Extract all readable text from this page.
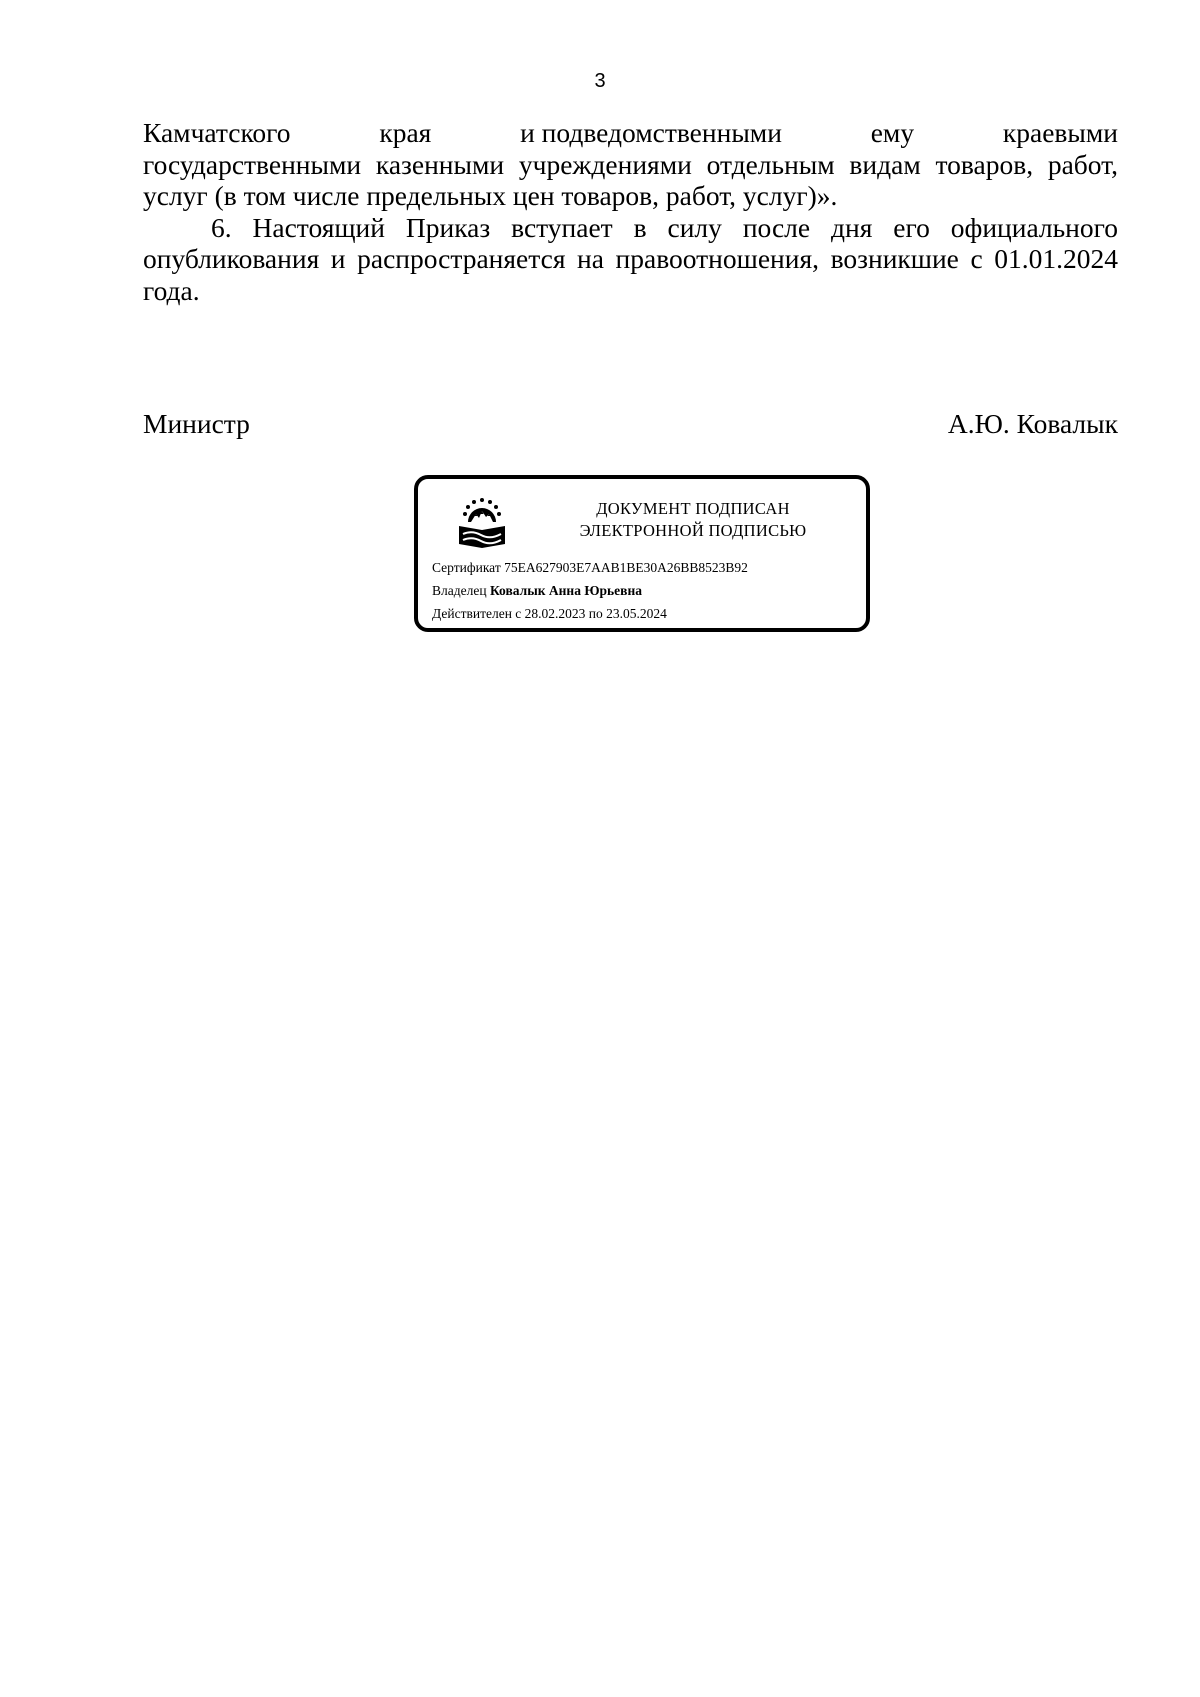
3
Камчатского	края	и подведомственными	ему	краевыми

государственными казенными учреждениями отдельным видам товаров, работ, услуг (в том числе предельных цен товаров, работ, услуг)».

6. Настоящий Приказ вступает в силу после дня его официального опубликования и распространяется на правоотношения, возникшие с 01.01.2024 года.

Министр	А.Ю. Ковалык
ДОКУМЕНТ ПОДПИСАН
ЭЛЕКТРОННОЙ ПОДПИСЬЮ
Сертификат 75EA627903E7AAB1BE30A26BB8523B92
Владелец Ковалык Анна Юрьевна
Действителен с 28.02.2023 по 23.05.2024
